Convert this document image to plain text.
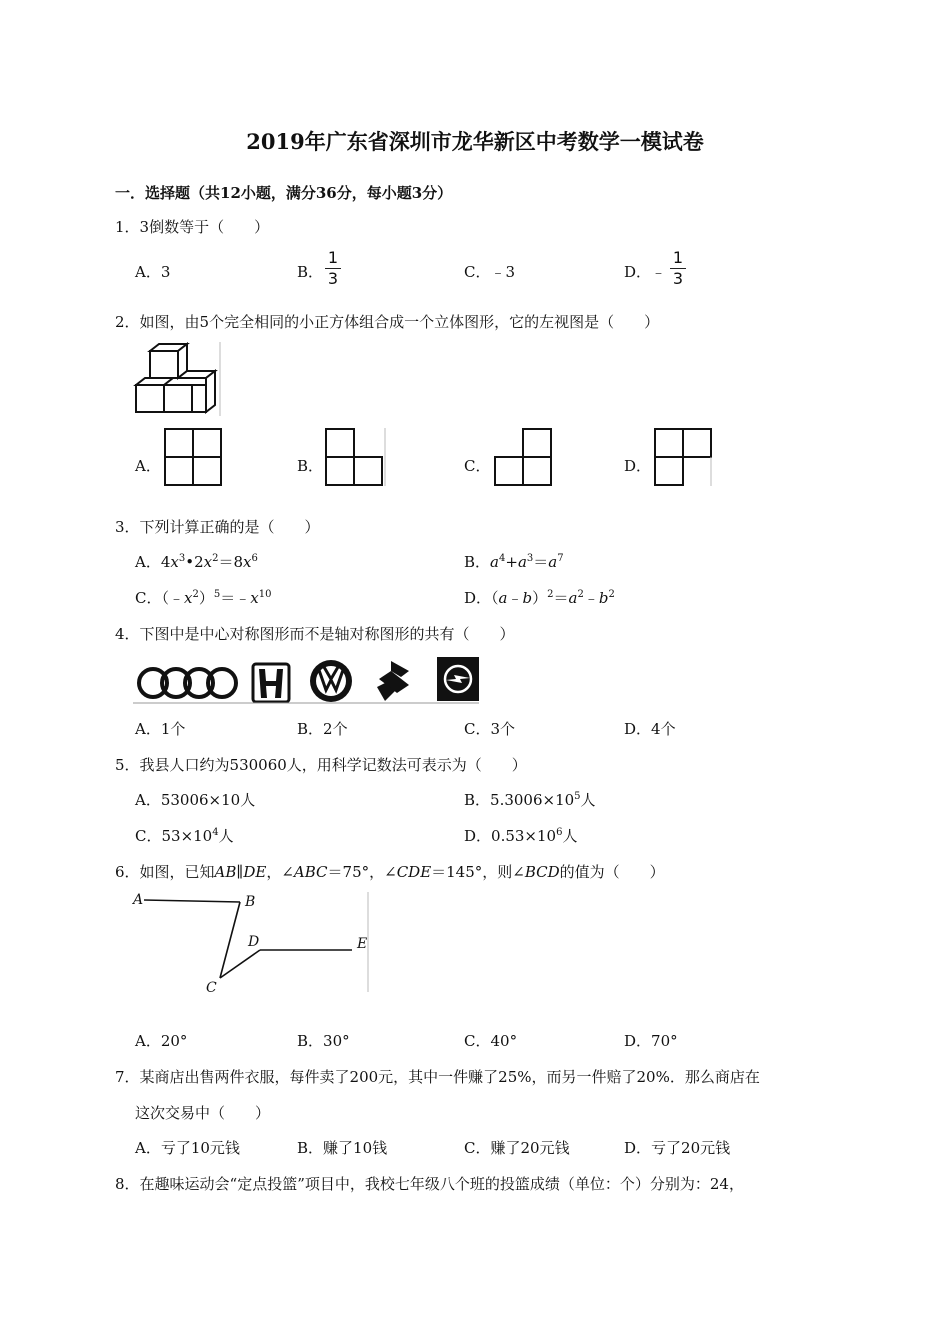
2019年广东省深圳市龙华新区中考数学一模试卷
一．选择题（共12小题，满分36分，每小题3分）
1．3倒数等于（　　）
A．3	B．
1
3	C．﹣3	D．﹣
1
3
2．如图，由5个完全相同的小正方体组合成一个立体图形，它的左视图是（　　）
A．	B．	C．	D．
3．下列计算正确的是（　　）
A．$4x^3•2x^2=8x^6$	B．$a^4+a^3=a^7$
C．$(﹣x^2)^5=﹣x^{10}$	D．$(a﹣b)^2=a^2﹣b^2$
4．下图中是中心对称图形而不是轴对称图形的共有（　　）
A．1个	B．2个	C．3个	D．4个
5．我县人口约为530060人，用科学记数法可表示为（　　）
A．53006×10人	B．$5.3006\times 10^5$人
C．$53\times 10^4$人	D．$0.53\times 10^6$人
6．如图，已知AB∥DE，∠ABC＝75°，∠CDE＝145°，则∠BCD的值为（　　）
A	B
C
D	E
A．20°	B．30°	C．40°	D．70°
7．某商店出售两件衣服，每件卖了200元，其中一件赚了25%，而另一件赔了20%．那么商店在
这次交易中（　　）
A．亏了10元钱	B．赚了10钱	C．赚了20元钱	D．亏了20元钱
8．在趣味运动会“定点投篮”项目中，我校七年级八个班的投篮成绩（单位：个）分别为：24，
